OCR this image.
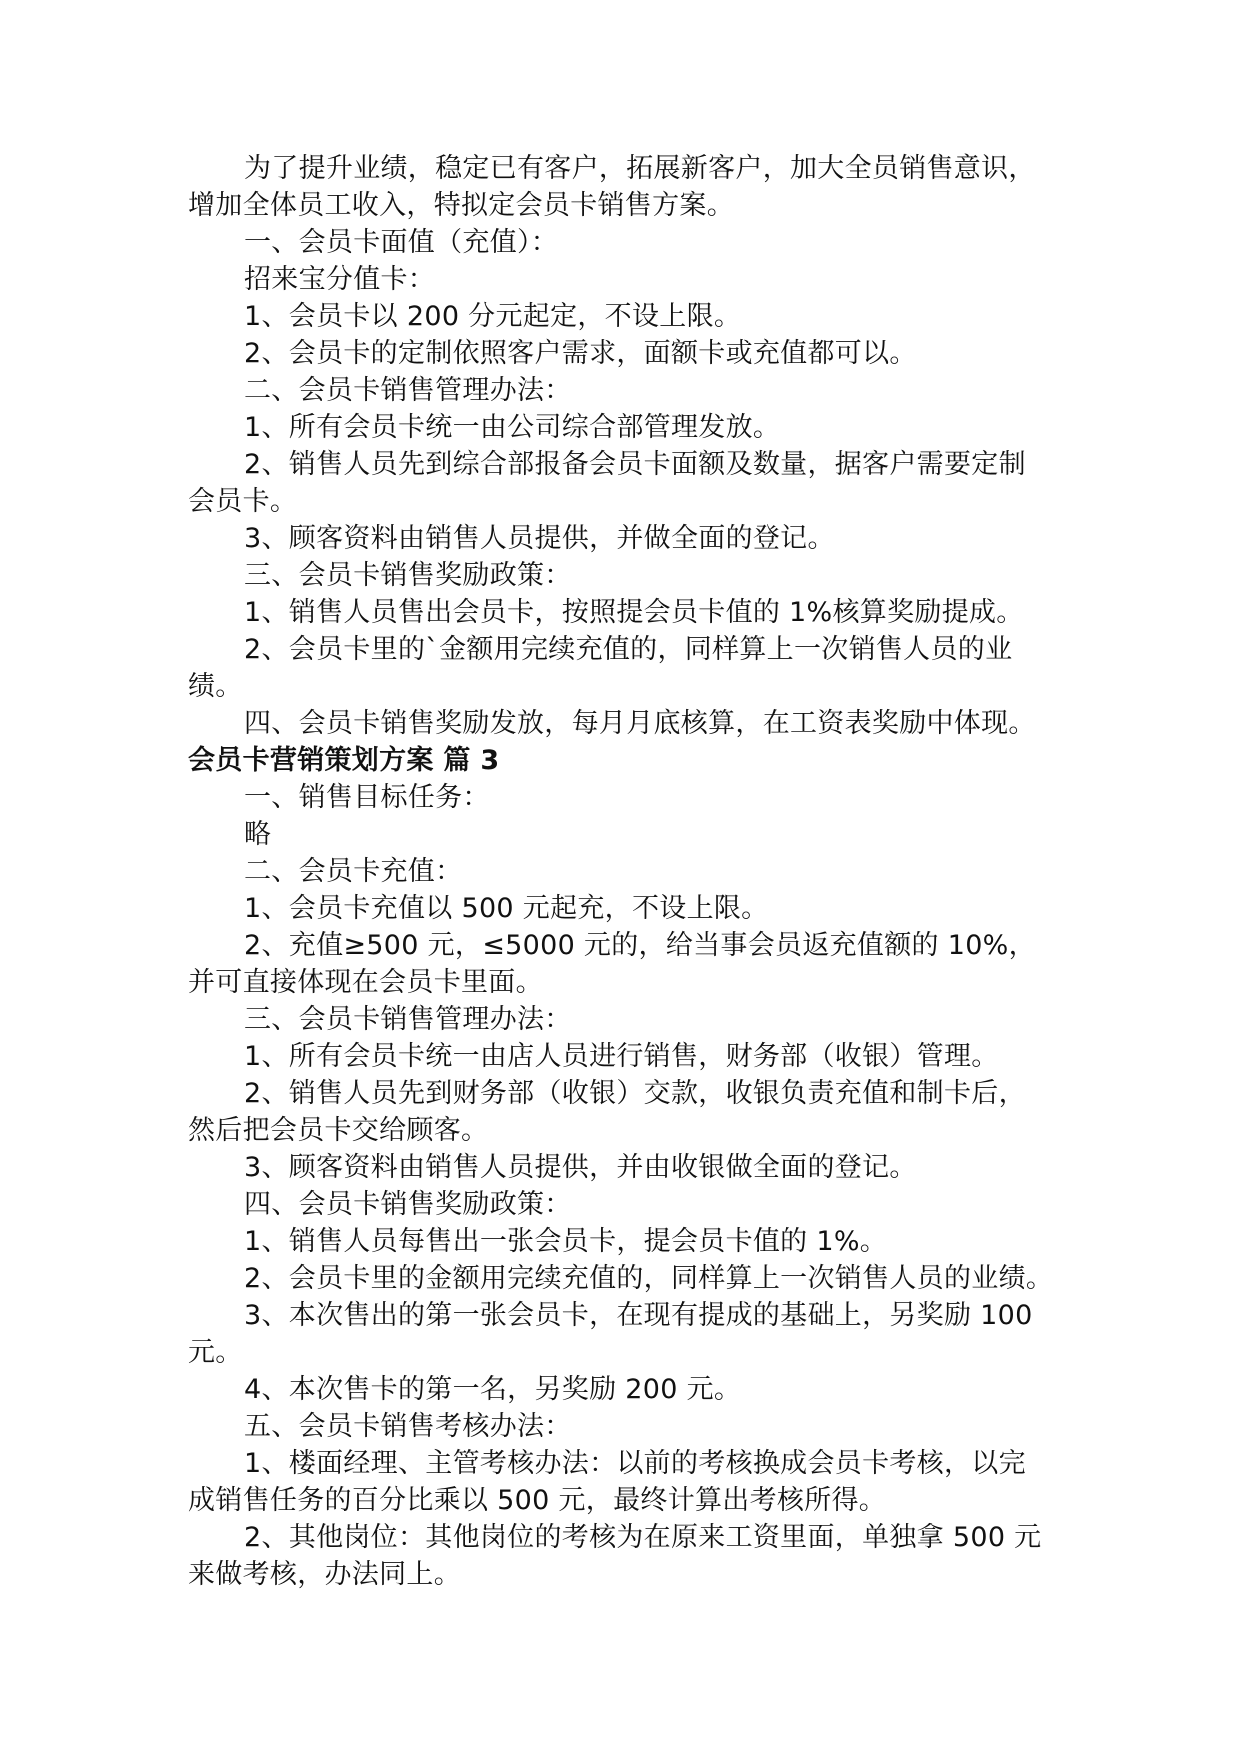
为了提升业绩，稳定已有客户，拓展新客户，加大全员销售意识，
增加全体员工收入，特拟定会员卡销售方案。
一、会员卡面值（充值）：
招来宝分值卡：
1、会员卡以 200 分元起定，不设上限。
2、会员卡的定制依照客户需求，面额卡或充值都可以。
二、会员卡销售管理办法：
1、所有会员卡统一由公司综合部管理发放。
2、销售人员先到综合部报备会员卡面额及数量，据客户需要定制
会员卡。
3、顾客资料由销售人员提供，并做全面的登记。
三、会员卡销售奖励政策：
1、销售人员售出会员卡，按照提会员卡值的 1%核算奖励提成。
2、会员卡里的`金额用完续充值的，同样算上一次销售人员的业
绩。
四、会员卡销售奖励发放，每月月底核算，在工资表奖励中体现。
会员卡营销策划方案 篇 3
一、销售目标任务：
略
二、会员卡充值：
1、会员卡充值以 500 元起充，不设上限。
2、充值≥500 元，≤5000 元的，给当事会员返充值额的 10%，
并可直接体现在会员卡里面。
三、会员卡销售管理办法：
1、所有会员卡统一由店人员进行销售，财务部（收银）管理。
2、销售人员先到财务部（收银）交款，收银负责充值和制卡后，
然后把会员卡交给顾客。
3、顾客资料由销售人员提供，并由收银做全面的登记。
四、会员卡销售奖励政策：
1、销售人员每售出一张会员卡，提会员卡值的 1%。
2、会员卡里的金额用完续充值的，同样算上一次销售人员的业绩。
3、本次售出的第一张会员卡，在现有提成的基础上，另奖励 100
元。
4、本次售卡的第一名，另奖励 200 元。
五、会员卡销售考核办法：
1、楼面经理、主管考核办法：以前的考核换成会员卡考核，以完
成销售任务的百分比乘以 500 元，最终计算出考核所得。
2、其他岗位：其他岗位的考核为在原来工资里面，单独拿 500 元
来做考核，办法同上。
